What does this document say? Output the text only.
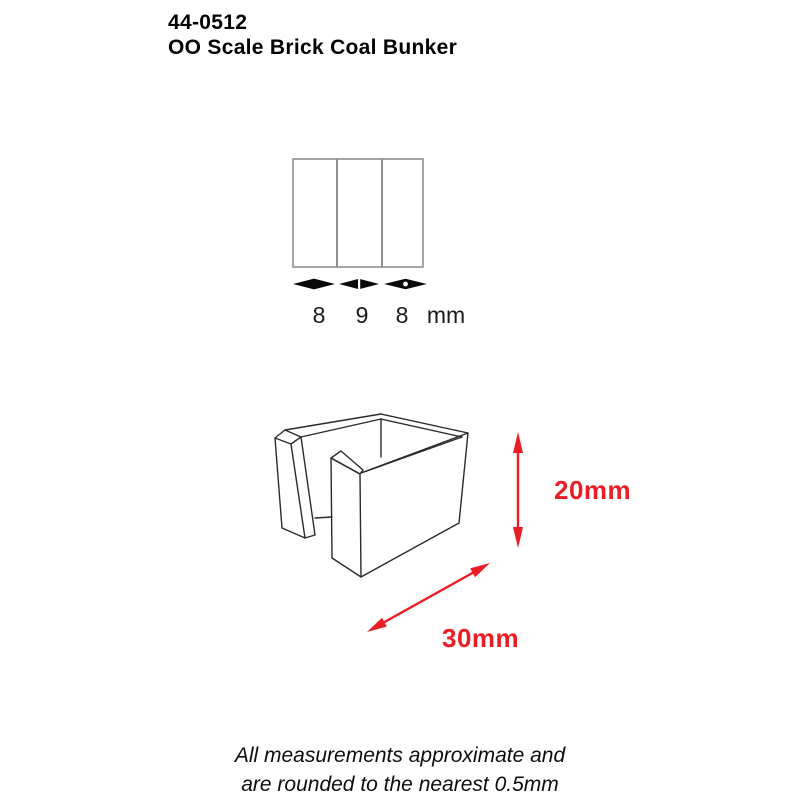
44-0512
OO Scale Brick Coal Bunker
8 9 8 mm
20mm
30mm
All measurements approximate and
are rounded to the nearest 0.5mm
